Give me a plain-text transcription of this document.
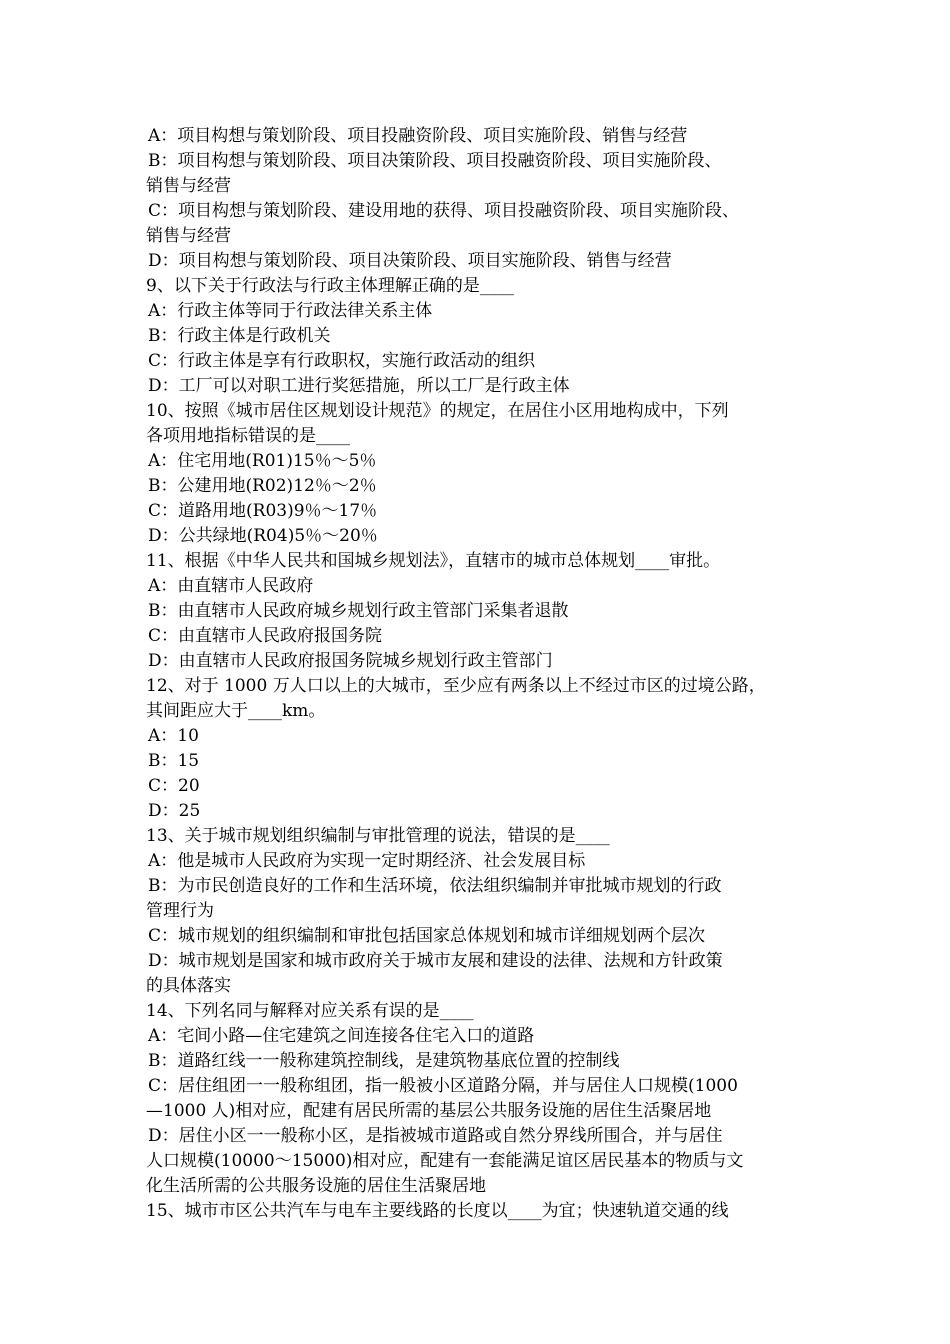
A：项目构想与策划阶段、项目投融资阶段、项目实施阶段、销售与经营
B：项目构想与策划阶段、项目决策阶段、项目投融资阶段、项目实施阶段、
销售与经营
C：项目构想与策划阶段、建设用地的获得、项目投融资阶段、项目实施阶段、
销售与经营
D：项目构想与策划阶段、项目决策阶段、项目实施阶段、销售与经营
9、以下关于行政法与行政主体理解正确的是____
A：行政主体等同于行政法律关系主体
B：行政主体是行政机关
C：行政主体是享有行政职权，实施行政活动的组织
D：工厂可以对职工进行奖惩措施，所以工厂是行政主体
10、按照《城市居住区规划设计规范》的规定，在居住小区用地构成中，下列
各项用地指标错误的是____
A：住宅用地(R01)15％～5％
B：公建用地(R02)12％～2％
C：道路用地(R03)9％～17％
D：公共绿地(R04)5％～20％
11、根据《中华人民共和国城乡规划法》，直辖市的城市总体规划____审批。
A：由直辖市人民政府
B：由直辖市人民政府城乡规划行政主管部门采集者退散
C：由直辖市人民政府报国务院
D：由直辖市人民政府报国务院城乡规划行政主管部门
12、对于 1000 万人口以上的大城市，至少应有两条以上不经过市区的过境公路，
其间距应大于____km。
A：10
B：15
C：20
D：25
13、关于城市规划组织编制与审批管理的说法，错误的是____
A：他是城市人民政府为实现一定时期经济、社会发展目标
B：为市民创造良好的工作和生活环境，依法组织编制并审批城市规划的行政
管理行为
C：城市规划的组织编制和审批包括国家总体规划和城市详细规划两个层次
D：城市规划是国家和城市政府关于城市友展和建设的法律、法规和方针政策
的具体落实
14、下列名同与解释对应关系有误的是____
A：宅间小路—住宅建筑之间连接各住宅入口的道路
B：道路红线一一般称建筑控制线，是建筑物基底位置的控制线
C：居住组团一一般称组团，指一般被小区道路分隔，并与居住人口规模(1000
—1000 人)相对应，配建有居民所需的基层公共服务设施的居住生活聚居地
D：居住小区一一般称小区，是指被城市道路或自然分界线所围合，并与居住
人口规模(10000～15000)相对应，配建有一套能满足谊区居民基本的物质与文
化生活所需的公共服务设施的居住生活聚居地
15、城市市区公共汽车与电车主要线路的长度以____为宜；快速轨道交通的线
